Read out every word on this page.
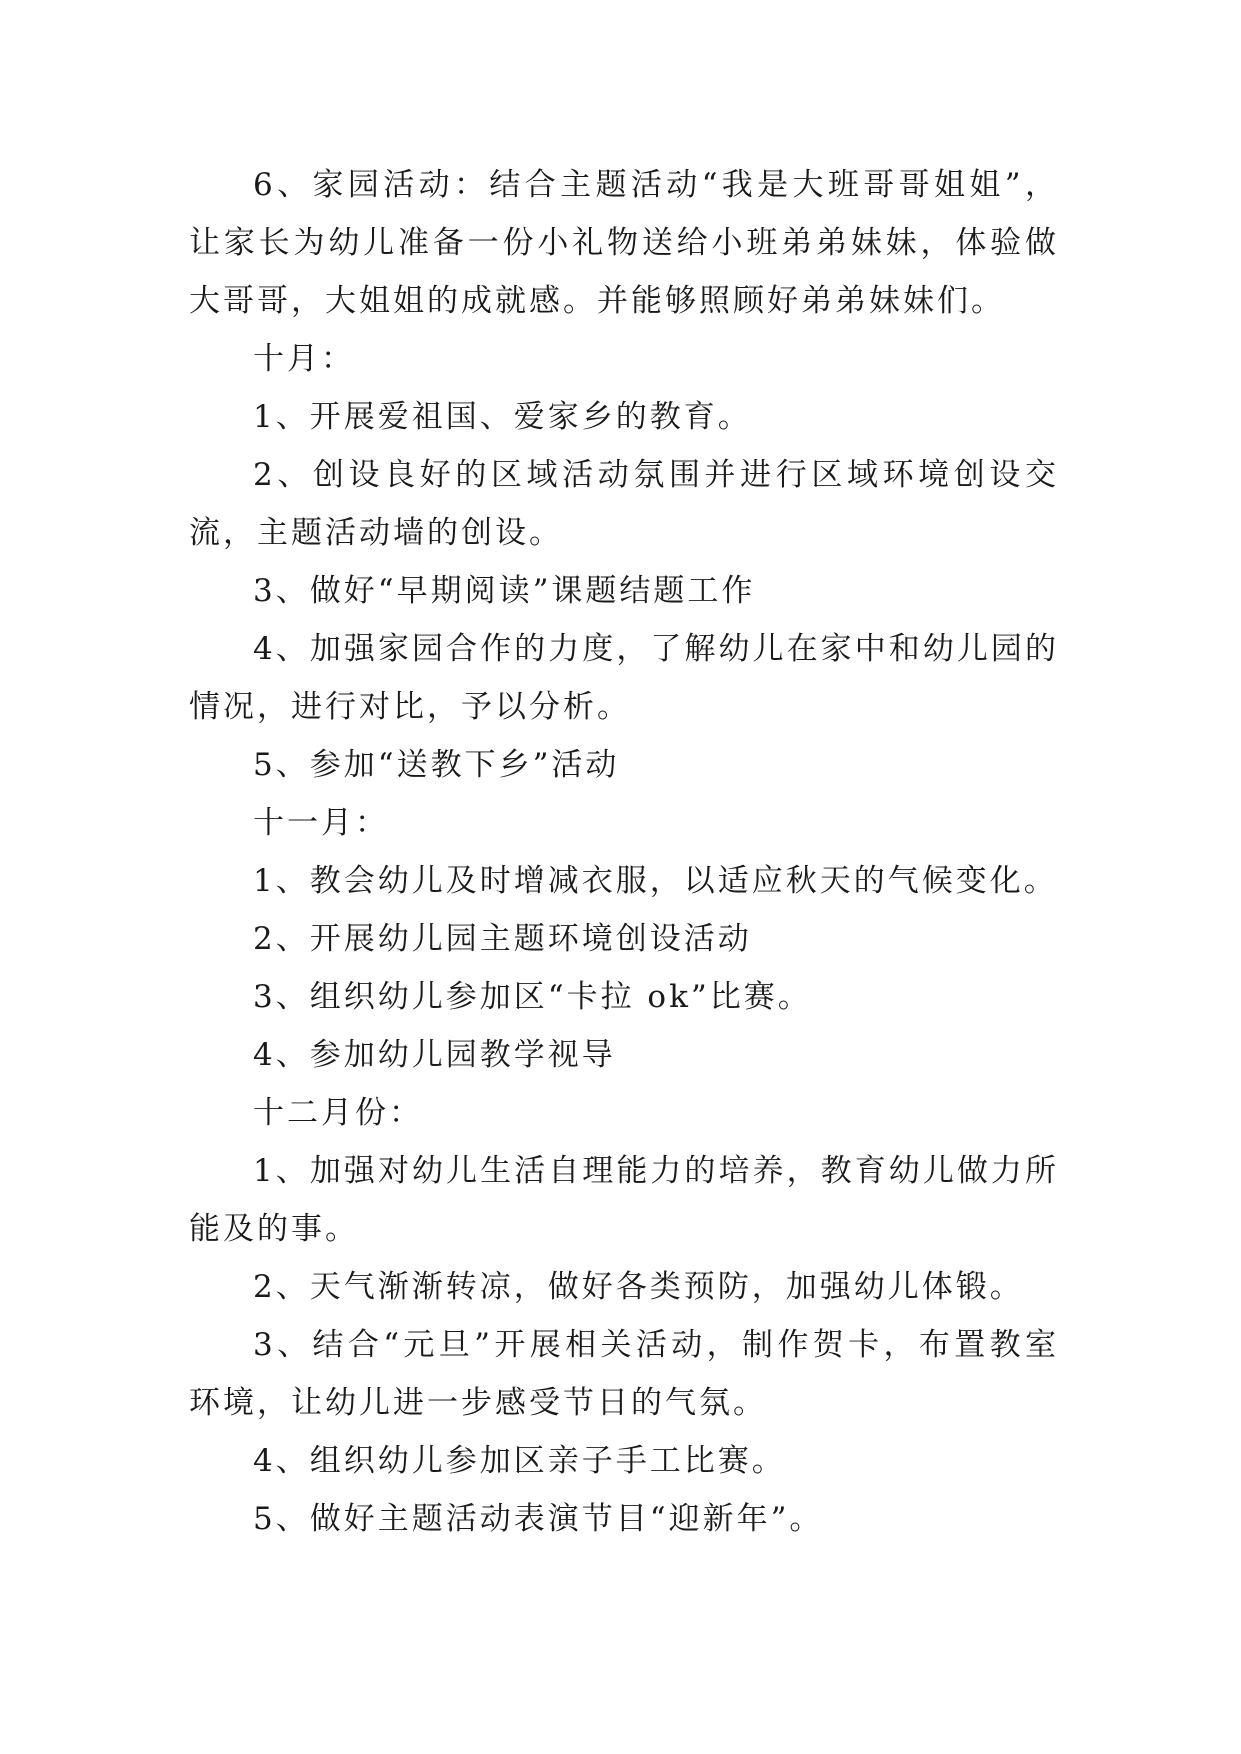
6、家园活动：结合主题活动“我是大班哥哥姐姐”，让家长为幼儿准备一份小礼物送给小班弟弟妹妹，体验做大哥哥，大姐姐的成就感。并能够照顾好弟弟妹妹们。

十月：

1、开展爱祖国、爱家乡的教育。

2、创设良好的区域活动氛围并进行区域环境创设交流，主题活动墙的创设。

3、做好“早期阅读”课题结题工作

4、加强家园合作的力度，了解幼儿在家中和幼儿园的情况，进行对比，予以分析。

5、参加“送教下乡”活动

十一月：

1、教会幼儿及时增减衣服，以适应秋天的气候变化。

2、开展幼儿园主题环境创设活动

3、组织幼儿参加区“卡拉 ok”比赛。

4、参加幼儿园教学视导

十二月份：

1、加强对幼儿生活自理能力的培养，教育幼儿做力所能及的事。

2、天气渐渐转凉，做好各类预防，加强幼儿体锻。

3、结合“元旦”开展相关活动，制作贺卡，布置教室环境，让幼儿进一步感受节日的气氛。

4、组织幼儿参加区亲子手工比赛。

5、做好主题活动表演节目“迎新年”。
